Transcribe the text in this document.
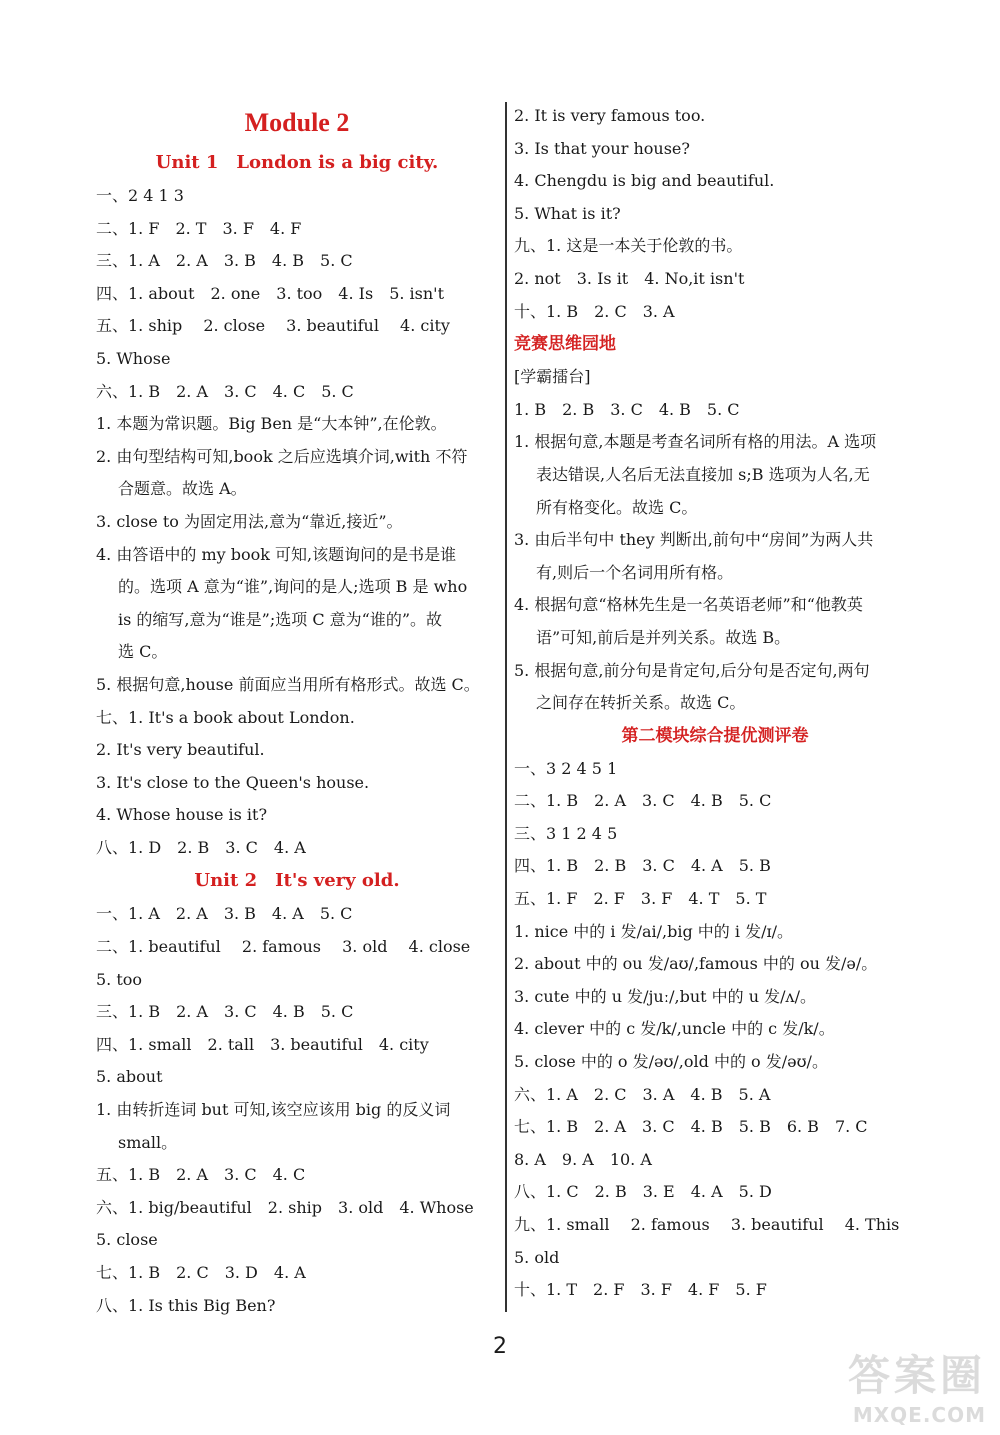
Module 2
Unit 1　London is a big city.
一、2 4 1 3
二、1. F　2. T　3. F　4. F
三、1. A　2. A　3. B　4. B　5. C
四、1. about　2. one　3. too　4. Is　5. isn't
五、1. ship　 2. close　 3. beautiful　 4. city
5. Whose
六、1. B　2. A　3. C　4. C　5. C
1. 本题为常识题。Big Ben 是“大本钟”,在伦敦。
2. 由句型结构可知,book 之后应选填介词,with 不符
合题意。故选 A。
3. close to 为固定用法,意为“靠近,接近”。
4. 由答语中的 my book 可知,该题询问的是书是谁
的。选项 A 意为“谁”,询问的是人;选项 B 是 who
is 的缩写,意为“谁是”;选项 C 意为“谁的”。故
选 C。
5. 根据句意,house 前面应当用所有格形式。故选 C。
七、1. It's a book about London.
2. It's very beautiful.
3. It's close to the Queen's house.
4. Whose house is it?
八、1. D　2. B　3. C　4. A
Unit 2　It's very old.
一、1. A　2. A　3. B　4. A　5. C
二、1. beautiful　 2. famous　 3. old　 4. close
5. too
三、1. B　2. A　3. C　4. B　5. C
四、1. small　2. tall　3. beautiful　4. city
5. about
1. 由转折连词 but 可知,该空应该用 big 的反义词
small。
五、1. B　2. A　3. C　4. C
六、1. big/beautiful　2. ship　3. old　4. Whose
5. close
七、1. B　2. C　3. D　4. A
八、1. Is this Big Ben?
2. It is very famous too.
3. Is that your house?
4. Chengdu is big and beautiful.
5. What is it?
九、1. 这是一本关于伦敦的书。
2. not　3. Is it　4. No,it isn't
十、1. B　2. C　3. A
竞赛思维园地
[学霸擂台]
1. B　2. B　3. C　4. B　5. C
1. 根据句意,本题是考查名词所有格的用法。A 选项
表达错误,人名后无法直接加 s;B 选项为人名,无
所有格变化。故选 C。
3. 由后半句中 they 判断出,前句中“房间”为两人共
有,则后一个名词用所有格。
4. 根据句意“格林先生是一名英语老师”和“他教英
语”可知,前后是并列关系。故选 B。
5. 根据句意,前分句是肯定句,后分句是否定句,两句
之间存在转折关系。故选 C。
第二模块综合提优测评卷
一、3 2 4 5 1
二、1. B　2. A　3. C　4. B　5. C
三、3 1 2 4 5
四、1. B　2. B　3. C　4. A　5. B
五、1. F　2. F　3. F　4. T　5. T
1. nice 中的 i 发/ai/,big 中的 i 发/ɪ/。
2. about 中的 ou 发/aʊ/,famous 中的 ou 发/ə/。
3. cute 中的 u 发/juː/,but 中的 u 发/ʌ/。
4. clever 中的 c 发/k/,uncle 中的 c 发/k/。
5. close 中的 o 发/əʊ/,old 中的 o 发/əʊ/。
六、1. A　2. C　3. A　4. B　5. A
七、1. B　2. A　3. C　4. B　5. B　6. B　7. C
8. A　9. A　10. A
八、1. C　2. B　3. E　4. A　5. D
九、1. small　 2. famous　 3. beautiful　 4. This
5. old
十、1. T　2. F　3. F　4. F　5. F
2
答案圈
MXQE.COM
